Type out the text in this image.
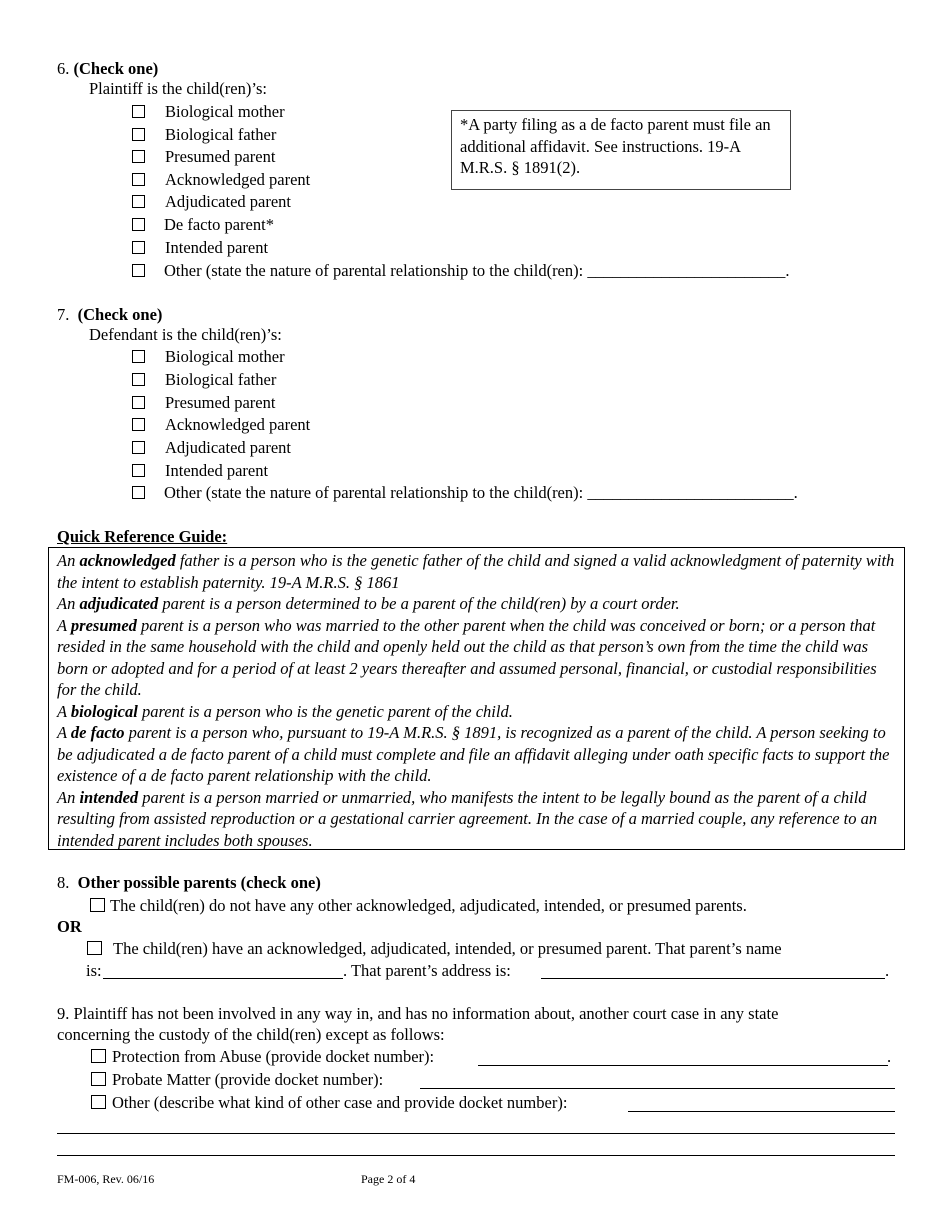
6. (Check one)
Plaintiff is the child(ren)’s:
Biological mother
Biological father
Presumed parent
Acknowledged parent
Adjudicated parent
De facto parent*
Intended parent
Other (state the nature of parental relationship to the child(ren): ________________________.
*A party filing as a de facto parent must file an additional affidavit. See instructions. 19-A M.R.S. § 1891(2).
7. (Check one)
Defendant is the child(ren)’s:
Biological mother
Biological father
Presumed parent
Acknowledged parent
Adjudicated parent
Intended parent
Other (state the nature of parental relationship to the child(ren): _________________________.
Quick Reference Guide:

An acknowledged father is a person who is the genetic father of the child and signed a valid acknowledgment of paternity with the intent to establish paternity. 19-A M.R.S. § 1861

An adjudicated parent is a person determined to be a parent of the child(ren) by a court order.

A presumed parent is a person who was married to the other parent when the child was conceived or born; or a person that resided in the same household with the child and openly held out the child as that person’s own from the time the child was born or adopted and for a period of at least 2 years thereafter and assumed personal, financial, or custodial responsibilities for the child.

A biological parent is a person who is the genetic parent of the child.

A de facto parent is a person who, pursuant to 19-A M.R.S. § 1891, is recognized as a parent of the child. A person seeking to be adjudicated a de facto parent of a child must complete and file an affidavit alleging under oath specific facts to support the existence of a de facto parent relationship with the child.

An intended parent is a person married or unmarried, who manifests the intent to be legally bound as the parent of a child resulting from assisted reproduction or a gestational carrier agreement. In the case of a married couple, any reference to an intended parent includes both spouses.

8. Other possible parents (check one)
The child(ren) do not have any other acknowledged, adjudicated, intended, or presumed parents.
OR
The child(ren) have an acknowledged, adjudicated, intended, or presumed parent. That parent’s name
is:	. That parent’s address is:	.
9. Plaintiff has not been involved in any way in, and has no information about, another court case in any state
concerning the custody of the child(ren) except as follows:
Protection from Abuse (provide docket number):	.
Probate Matter (provide docket number):
Other (describe what kind of other case and provide docket number):
FM-006, Rev. 06/16	Page 2 of 4
